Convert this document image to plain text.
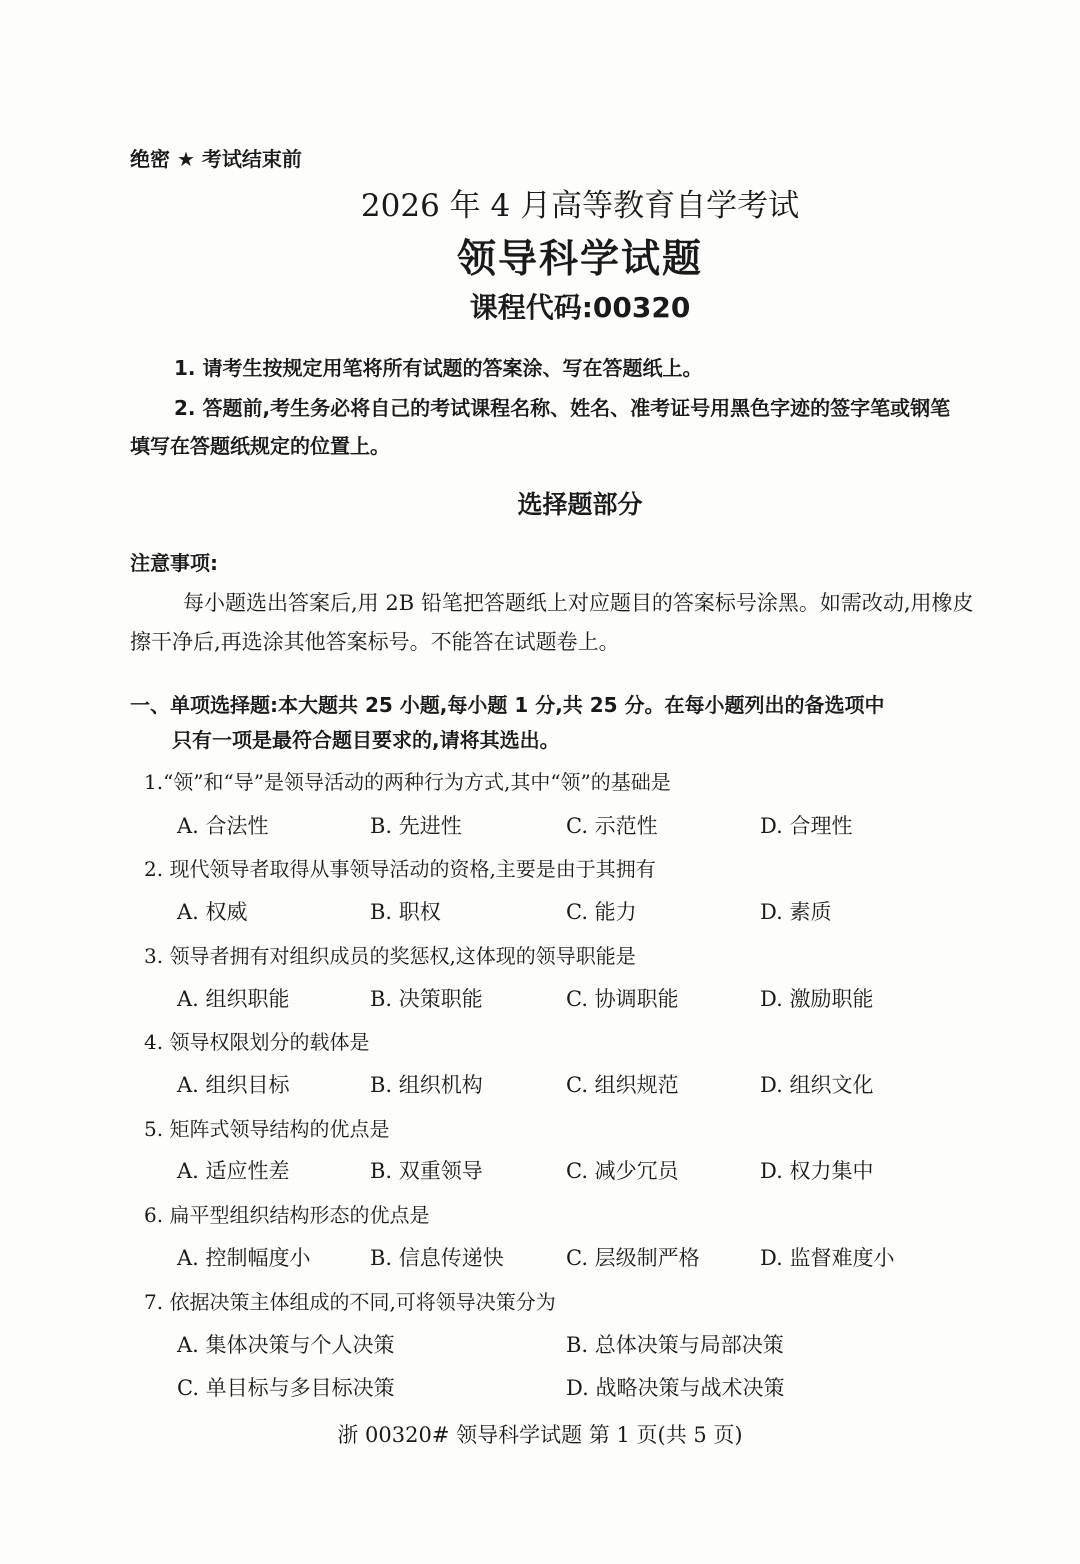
绝密 ★ 考试结束前
2026 年 4 月高等教育自学考试
领导科学试题
课程代码:00320
1. 请考生按规定用笔将所有试题的答案涂、写在答题纸上。
2. 答题前,考生务必将自己的考试课程名称、姓名、准考证号用黑色字迹的签字笔或钢笔
填写在答题纸规定的位置上。
选择题部分
注意事项:
每小题选出答案后,用 2B 铅笔把答题纸上对应题目的答案标号涂黑。如需改动,用橡皮
擦干净后,再选涂其他答案标号。不能答在试题卷上。
一、单项选择题:本大题共 25 小题,每小题 1 分,共 25 分。在每小题列出的备选项中
只有一项是最符合题目要求的,请将其选出。
1.“领”和“导”是领导活动的两种行为方式,其中“领”的基础是
A. 合法性	B. 先进性	C. 示范性	D. 合理性
2. 现代领导者取得从事领导活动的资格,主要是由于其拥有
A. 权威	B. 职权	C. 能力	D. 素质
3. 领导者拥有对组织成员的奖惩权,这体现的领导职能是
A. 组织职能	B. 决策职能	C. 协调职能	D. 激励职能
4. 领导权限划分的载体是
A. 组织目标	B. 组织机构	C. 组织规范	D. 组织文化
5. 矩阵式领导结构的优点是
A. 适应性差	B. 双重领导	C. 减少冗员	D. 权力集中
6. 扁平型组织结构形态的优点是
A. 控制幅度小	B. 信息传递快	C. 层级制严格	D. 监督难度小
7. 依据决策主体组成的不同,可将领导决策分为
A. 集体决策与个人决策	B. 总体决策与局部决策
C. 单目标与多目标决策	D. 战略决策与战术决策
浙 00320# 领导科学试题 第 1 页(共 5 页)
